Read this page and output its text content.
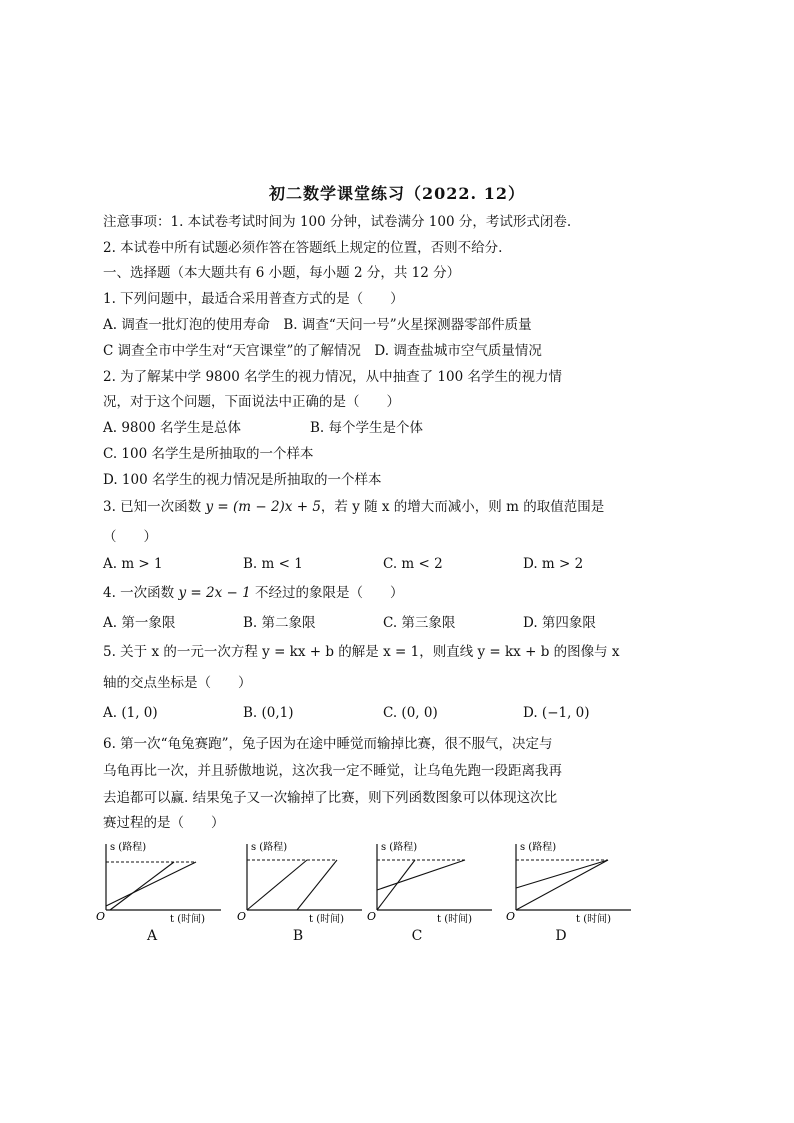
初二数学课堂练习（2022. 12）
注意事项：1. 本试卷考试时间为 100 分钟，试卷满分 100 分，考试形式闭卷.
2. 本试卷中所有试题必须作答在答题纸上规定的位置，否则不给分.
一、选择题（本大题共有 6 小题，每小题 2 分，共 12 分）
1. 下列问题中，最适合采用普查方式的是（　　）
A. 调查一批灯泡的使用寿命　B. 调查“天问一号”火星探测器零部件质量
C 调查全市中学生对“天宫课堂”的了解情况　D. 调查盐城市空气质量情况
2. 为了解某中学 9800 名学生的视力情况，从中抽查了 100 名学生的视力情
况，对于这个问题，下面说法中正确的是（　　）
A. 9800 名学生是总体	B. 每个学生是个体
C. 100 名学生是所抽取的一个样本
D. 100 名学生的视力情况是所抽取的一个样本
3. 已知一次函数 y = (m − 2)x + 5，若 y 随 x 的增大而减小，则 m 的取值范围是
（　　）
A. m > 1	B. m < 1	C. m < 2	D. m > 2
4. 一次函数 y = 2x − 1 不经过的象限是（　　）
A. 第一象限	B. 第二象限	C. 第三象限	D. 第四象限
5. 关于 x 的一元一次方程 y = kx + b 的解是 x = 1，则直线 y = kx + b 的图像与 x
轴的交点坐标是（　　）
A. (1, 0)	B. (0,1)	C. (0, 0)	D. (−1, 0)
6. 第一次“龟兔赛跑”，兔子因为在途中睡觉而输掉比赛，很不服气，决定与
乌龟再比一次，并且骄傲地说，这次我一定不睡觉，让乌龟先跑一段距离我再
去追都可以赢. 结果兔子又一次输掉了比赛，则下列函数图象可以体现这次比
赛过程的是（　　）
s (路程)
O	t (时间)
A
s (路程)
O	t (时间)
B
s (路程)
O	t (时间)
C
s (路程)
O	t (时间)
D
